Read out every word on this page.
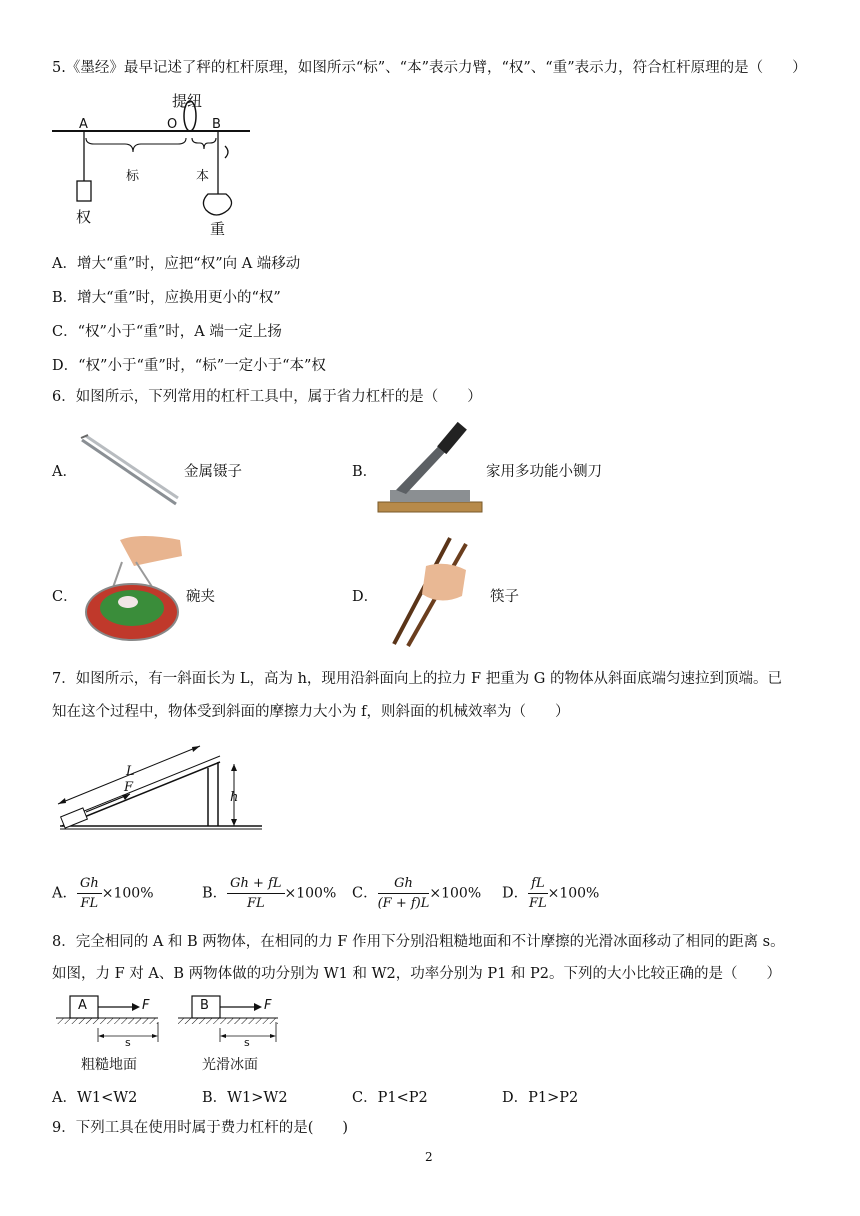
5.《墨经》最早记述了秤的杠杆原理，如图所示“标”、“本”表示力臂，“权”、“重”表示力，符合杠杆原理的是（　　）
提纽
A	O	B
标	本
权
重
A．增大“重”时，应把“权”向 A 端移动
B．增大“重”时，应换用更小的“权”
C．“权”小于“重”时，A 端一定上扬
D．“权”小于“重”时，“标”一定小于“本”权
6．如图所示，下列常用的杠杆工具中，属于省力杠杆的是（　　）
A．	金属镊子	B．	家用多功能小铡刀
C．	碗夹	D．	筷子
7．如图所示，有一斜面长为 L，高为 h，现用沿斜面向上的拉力 F 把重为 G 的物体从斜面底端匀速拉到顶端。已
知在这个过程中，物体受到斜面的摩擦力大小为 f，则斜面的机械效率为（　　）
L
F
h
A． $\frac{Gh}{FL} \times 100\%$	B． $\frac{Gh + fL}{FL} \times 100\%$ C． $\frac{Gh}{(F + f)L} \times 100\%$ D． $\frac{fL}{FL} \times 100\%$
8．完全相同的 A 和 B 两物体，在相同的力 F 作用下分别沿粗糙地面和不计摩擦的光滑冰面移动了相同的距离 s。
如图，力 F 对 A、B 两物体做的功分别为 W1 和 W2，功率分别为 P1 和 P2。下列的大小比较正确的是（　　）
A	F	B	F
s	s
粗糙地面	光滑冰面
A．W1<W2	B．W1>W2	C．P1<P2	D．P1>P2
9．下列工具在使用时属于费力杠杆的是(　　)
2
